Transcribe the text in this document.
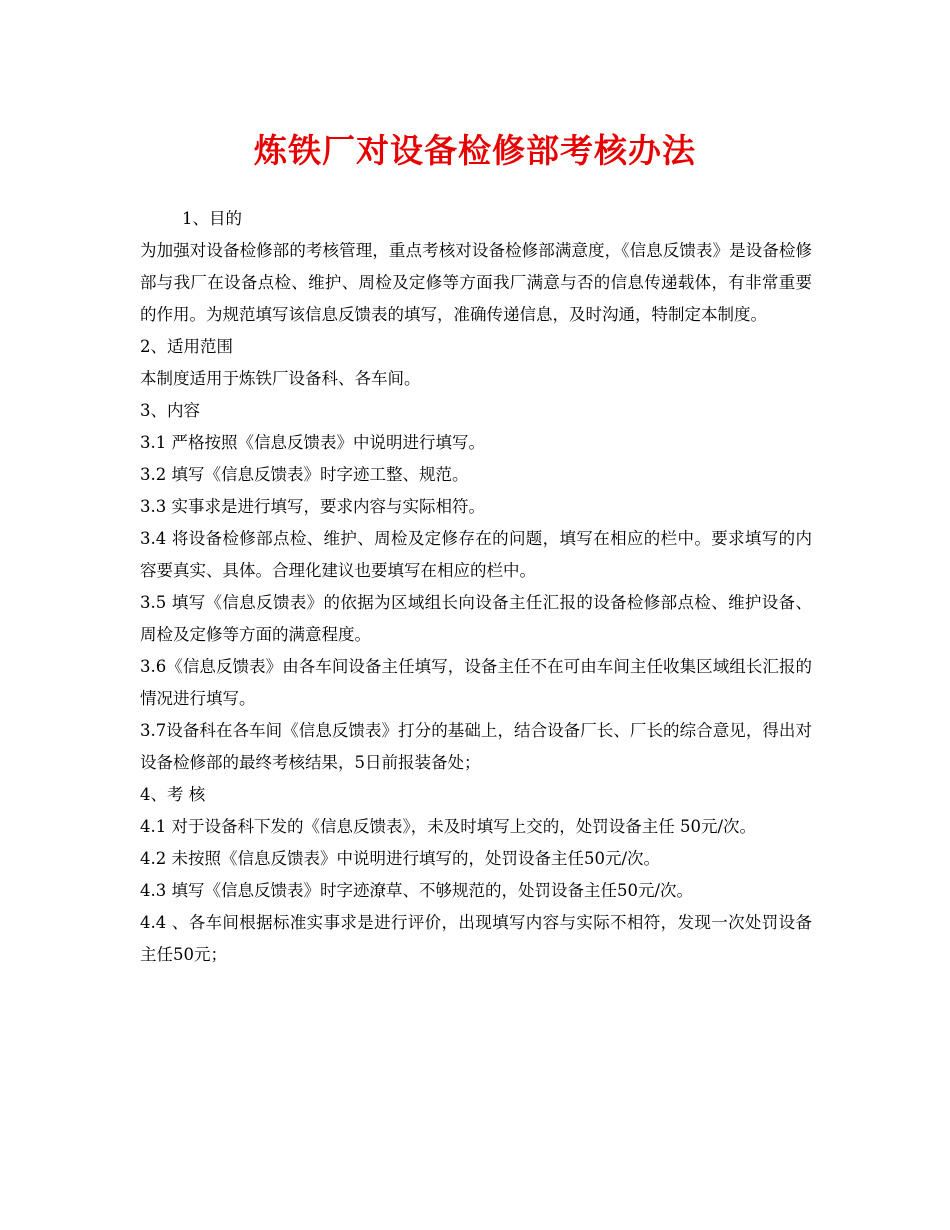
炼铁厂对设备检修部考核办法

1、目的

为加强对设备检修部的考核管理，重点考核对设备检修部满意度，《信息反馈表》是设备检修部与我厂在设备点检、维护、周检及定修等方面我厂满意与否的信息传递载体，有非常重要的作用。为规范填写该信息反馈表的填写，准确传递信息，及时沟通，特制定本制度。

2、适用范围

本制度适用于炼铁厂设备科、各车间。

3、内容

3.1 严格按照《信息反馈表》中说明进行填写。

3.2 填写《信息反馈表》时字迹工整、规范。

3.3 实事求是进行填写，要求内容与实际相符。

3.4 将设备检修部点检、维护、周检及定修存在的问题，填写在相应的栏中。要求填写的内容要真实、具体。合理化建议也要填写在相应的栏中。

3.5 填写《信息反馈表》的依据为区域组长向设备主任汇报的设备检修部点检、维护设备、周检及定修等方面的满意程度。

3.6《信息反馈表》由各车间设备主任填写，设备主任不在可由车间主任收集区域组长汇报的情况进行填写。

3.7设备科在各车间《信息反馈表》打分的基础上，结合设备厂长、厂长的综合意见，得出对设备检修部的最终考核结果，5日前报装备处；

4、考 核

4.1 对于设备科下发的《信息反馈表》，未及时填写上交的，处罚设备主任 50元/次。

4.2 未按照《信息反馈表》中说明进行填写的，处罚设备主任50元/次。

4.3 填写《信息反馈表》时字迹潦草、不够规范的，处罚设备主任50元/次。

4.4 、各车间根据标准实事求是进行评价，出现填写内容与实际不相符，发现一次处罚设备主任50元；
